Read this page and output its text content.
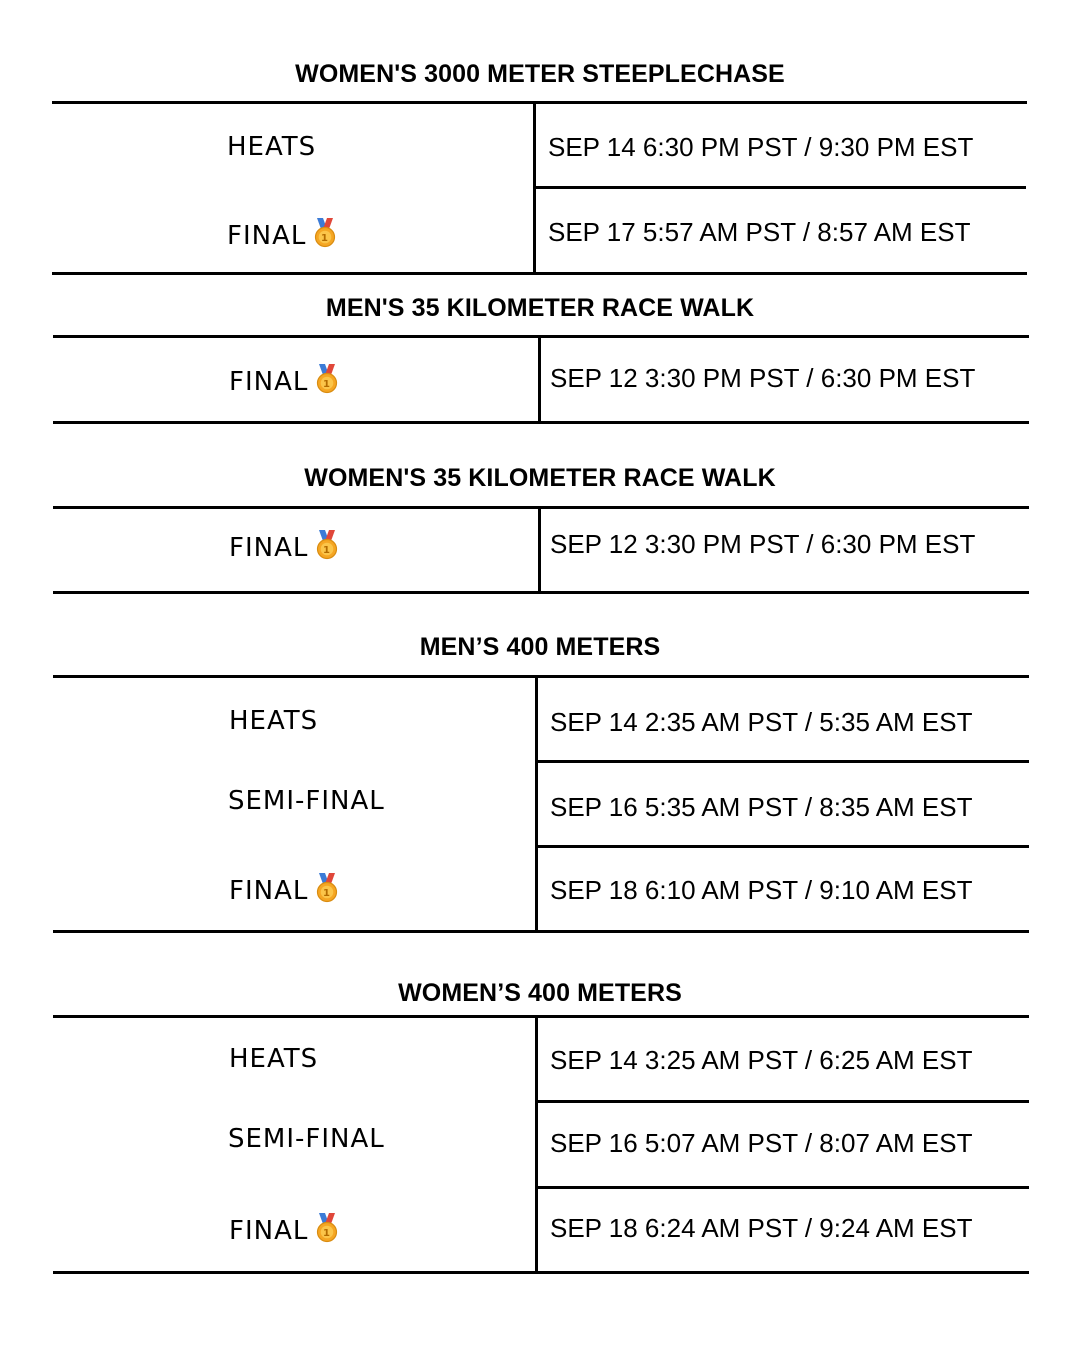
WOMEN'S 3000 METER STEEPLECHASE
HEATS	SEP 14 6:30 PM PST / 9:30 PM EST
FINAL 1	SEP 17 5:57 AM PST / 8:57 AM EST
MEN'S 35 KILOMETER RACE WALK
FINAL 1	SEP 12 3:30 PM PST / 6:30 PM EST
WOMEN'S 35 KILOMETER RACE WALK
FINAL 1	SEP 12 3:30 PM PST / 6:30 PM EST
MEN’S 400 METERS
HEATS	SEP 14 2:35 AM PST / 5:35 AM EST
SEMI-FINAL	SEP 16 5:35 AM PST / 8:35 AM EST
FINAL 1	SEP 18 6:10 AM PST / 9:10 AM EST
WOMEN’S 400 METERS
HEATS	SEP 14 3:25 AM PST / 6:25 AM EST
SEMI-FINAL	SEP 16 5:07 AM PST / 8:07 AM EST
FINAL 1	SEP 18 6:24 AM PST / 9:24 AM EST
